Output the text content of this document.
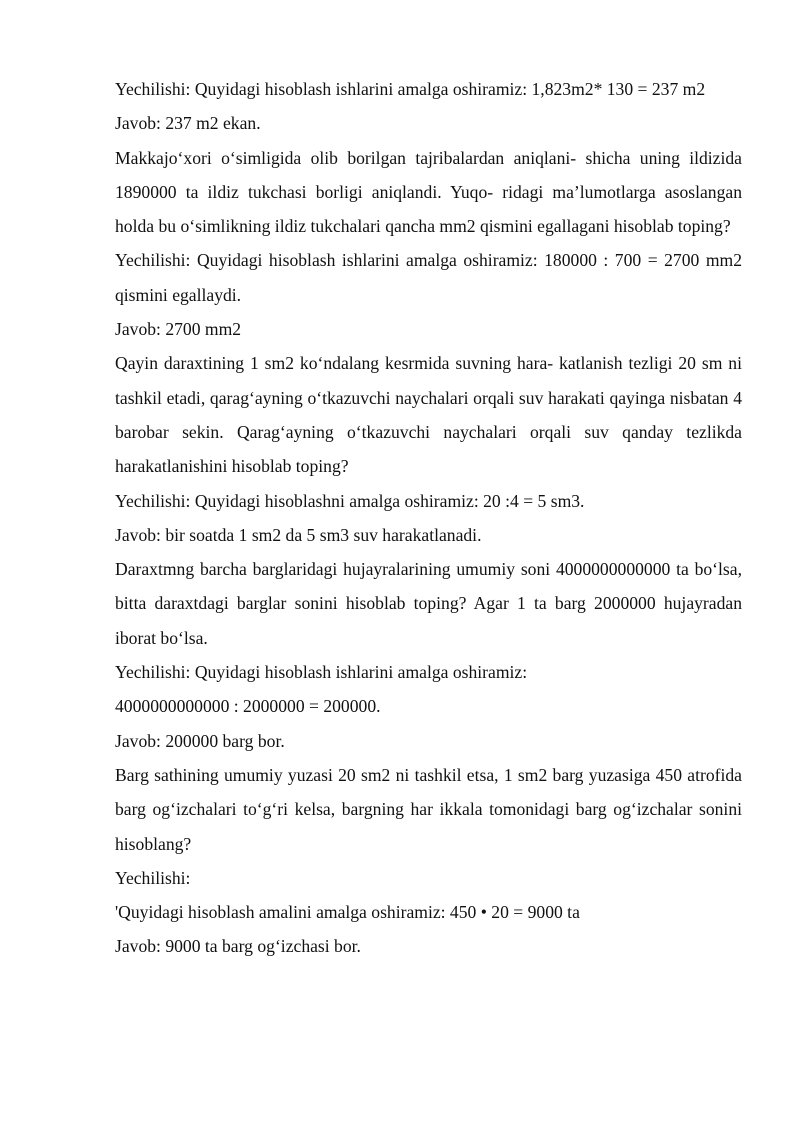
Yechilishi: Quyidagi hisoblash ishlarini amalga oshiramiz: 1,823m2* 130 = 237 m2

Javob: 237 m2 ekan.

Makkajo‘xori o‘simligida olib borilgan tajribalardan aniqlani- shicha uning ildizida 1890000 ta ildiz tukchasi borligi aniqlandi. Yuqo- ridagi ma’lumotlarga asoslangan holda bu o‘simlikning ildiz tukchalari qancha mm2 qismini egallagani hisoblab toping?

Yechilishi: Quyidagi hisoblash ishlarini amalga oshiramiz: 180000 : 700 = 2700 mm2 qismini egallaydi.

Javob: 2700 mm2

Qayin daraxtining 1 sm2 ko‘ndalang kesrmida suvning hara- katlanish tezligi 20 sm ni tashkil etadi, qarag‘ayning o‘tkazuvchi naychalari orqali suv harakati qayinga nisbatan 4 barobar sekin. Qarag‘ayning o‘tkazuvchi naychalari orqali suv qanday tezlikda harakatlanishini hisoblab toping?

Yechilishi: Quyidagi hisoblashni amalga oshiramiz: 20 :4 = 5 sm3.

Javob: bir soatda 1 sm2 da 5 sm3 suv harakatlanadi.

Daraxtmng barcha barglaridagi hujayralarining umumiy soni 4000000000000 ta bo‘lsa, bitta daraxtdagi barglar sonini hisoblab toping? Agar 1 ta barg 2000000 hujayradan iborat bo‘lsa.

Yechilishi: Quyidagi hisoblash ishlarini amalga oshiramiz:

4000000000000 : 2000000 = 200000.

Javob: 200000 barg bor.

Barg sathining umumiy yuzasi 20 sm2 ni tashkil etsa, 1 sm2 barg yuzasiga 450 atrofida barg og‘izchalari to‘g‘ri kelsa, bargning har ikkala tomonidagi barg og‘izchalar sonini hisoblang?

Yechilishi:

'Quyidagi hisoblash amalini amalga oshiramiz: 450 • 20 = 9000 ta

Javob: 9000 ta barg og‘izchasi bor.
